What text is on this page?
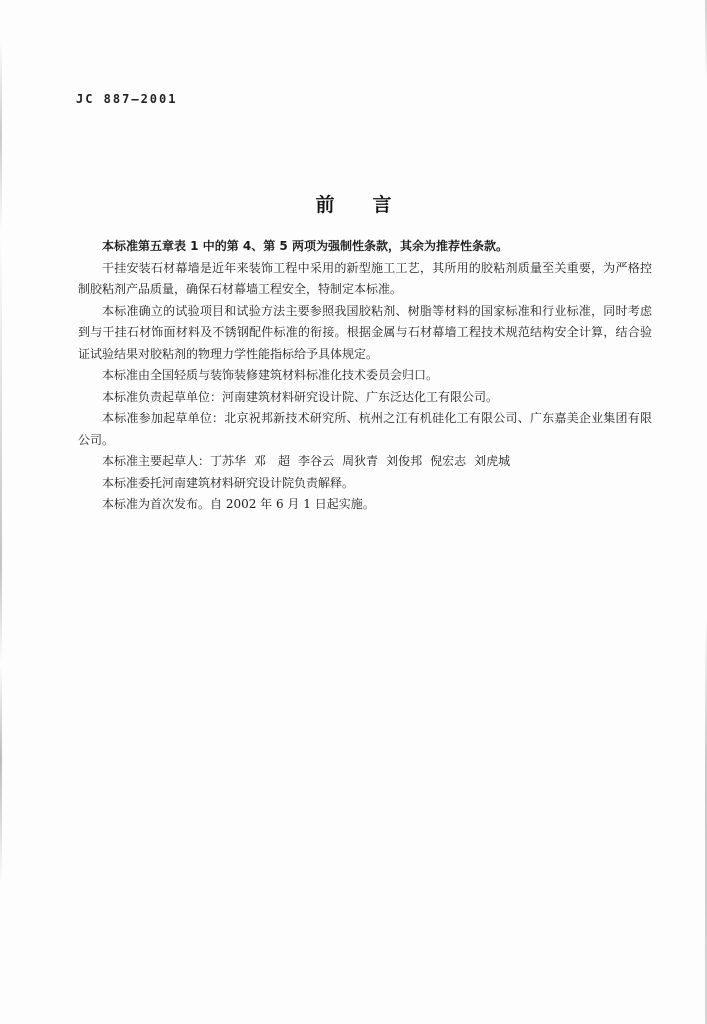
JC 887—2001
前言

本标准第五章表 1 中的第 4、第 5 两项为强制性条款，其余为推荐性条款。

干挂安装石材幕墙是近年来装饰工程中采用的新型施工工艺，其所用的胶粘剂质量至关重要，为严格控制胶粘剂产品质量，确保石材幕墙工程安全，特制定本标准。

本标准确立的试验项目和试验方法主要参照我国胶粘剂、树脂等材料的国家标准和行业标准，同时考虑到与干挂石材饰面材料及不锈钢配件标准的衔接。根据金属与石材幕墙工程技术规范结构安全计算，结合验证试验结果对胶粘剂的物理力学性能指标给予具体规定。

本标准由全国轻质与装饰装修建筑材料标准化技术委员会归口。

本标准负责起草单位：河南建筑材料研究设计院、广东泛达化工有限公司。

本标准参加起草单位：北京祝邦新技术研究所、杭州之江有机硅化工有限公司、广东嘉美企业集团有限公司。

本标准主要起草人：丁苏华 邓　超 李谷云 周狄青 刘俊邦 倪宏志 刘虎城

本标准委托河南建筑材料研究设计院负责解释。

本标准为首次发布。自 2002 年 6 月 1 日起实施。
